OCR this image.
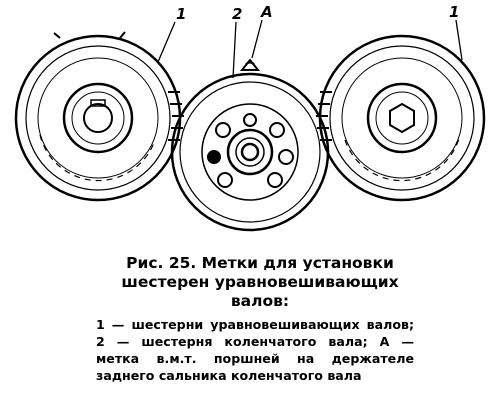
1	2 А	1

Рис. 25. Метки для установки шестерен уравновешивающих валов:

1 — шестерни уравновешивающих валов; 2 — шестерня коленчатого вала; А — метка в.м.т. поршней на держателе заднего сальника коленчатого вала
